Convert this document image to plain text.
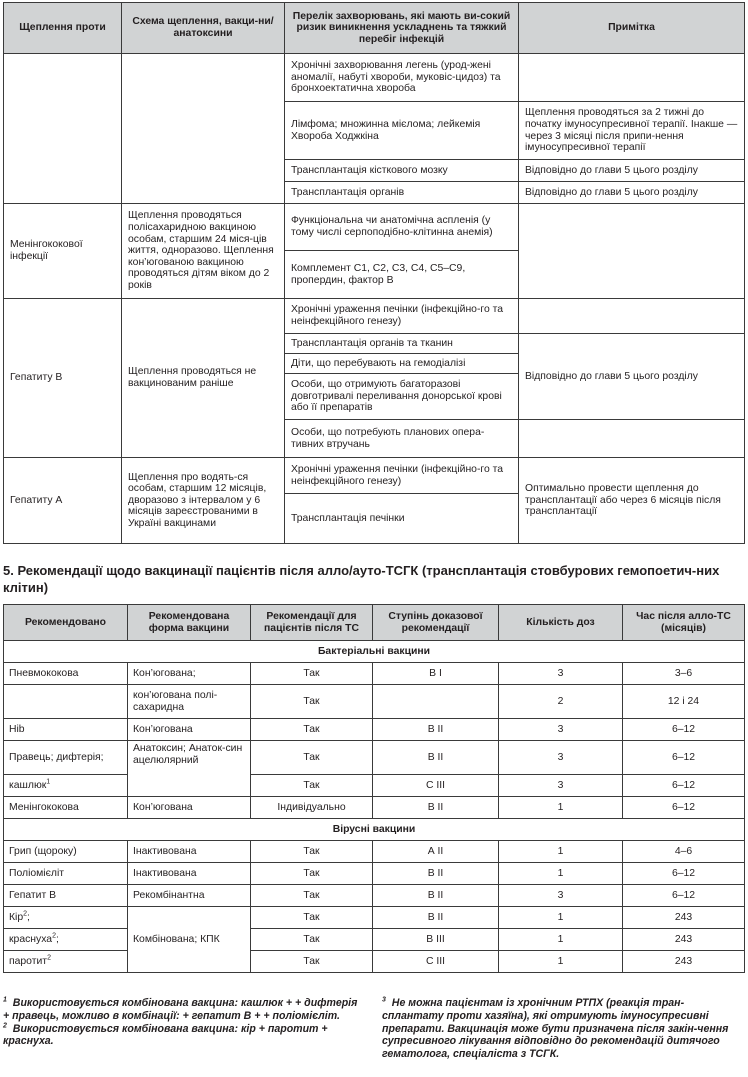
Щеплення проти	Схема щеплення, вакци-ни/анатоксини	Перелік захворювань, які мають ви-сокий ризик виникнення ускладнень та тяжкий перебіг інфекцій	Примітка
		Хронічні захворювання легень (урод-жені аномалії, набуті хвороби, муковіс-цидоз) та бронхоектатична хвороба	
		Лімфома; множинна мієлома; лейкемія Хвороба Ходжкіна	Щеплення проводяться за 2 тижні до початку імуносупресивної терапії. Інакше — через 3 місяці після припи-нення імуносупресивної терапії
		Трансплантація кісткового мозку	Відповідно до глави 5 цього розділу
		Трансплантація органів	Відповідно до глави 5 цього розділу
Менінгококової інфекції	Щеплення проводяться полісахаридною вакциною особам, старшим 24 міся-ців життя, одноразово. Щеплення кон’югованою вакциною проводяться дітям віком до 2 років	Функціональна чи анатомічна аспленія (у тому числі серпоподібно-клітинна анемія)	
		Комплемент С1, С2, С3, С4, С5–С9, пропердин, фактор В	
Гепатиту В	Щеплення проводяться не вакцинованим раніше	Хронічні ураження печінки (інфекційно-го та неінфекційного генезу)	
		Трансплантація органів та тканин	Відповідно до глави 5 цього розділу
		Діти, що перебувають на гемодіалізі	
		Особи, що отримують багаторазові довготривалі переливання донорської крові або її препаратів	
		Особи, що потребують планових опера-тивних втручань	
Гепатиту А	Щеплення про водять-ся особам, старшим 12 місяців, дворазово з інтервалом у 6 місяців зареєстрованими в Україні вакцинами	Хронічні ураження печінки (інфекційно-го та неінфекційного генезу)	Оптимально провести щеплення до трансплантації або через 6 місяців після трансплантації
		Трансплантація печінки	

5. Рекомендації щодо вакцинації пацієнтів після алло/ауто-ТСГК (трансплантація стовбурових гемопоетич-них клітин)

Рекомендовано	Рекомендована форма вакцини	Рекомендації для пацієнтів після ТС	Ступінь доказової рекомендації	Кількість доз	Час після алло-ТС (місяців)
Бактеріальні вакцини					
Пневмококова	Кон’югована;	Так	В І	3	3–6
	кон’югована полі-сахаридна	Так		2	12 і 24
Hib	Кон’югована	Так	В ІІ	3	6–12
Правець; дифтерія;	Анатоксин; Анаток-син ацелюлярний	Так	В ІІ	3	6–12
кашлюк$^1$		Так	С ІІІ	3	6–12
Менінгококова	Кон’югована	Індивідуально	В ІІ	1	6–12
Вірусні вакцини					
Грип (щороку)	Інактивована	Так	А ІІ	1	4–6
Поліомієліт	Інактивована	Так	В ІІ	1	6–12
Гепатит В	Рекомбінантна	Так	В ІІ	3	6–12
Кір$^2$;	Комбінована; КПК	Так	В ІІ	1	243
краснуха$^2$;		Так	В ІІІ	1	243
паротит$^2$		Так	С ІІІ	1	243
$^1$ Використовується комбінована вакцина: кашлюк + + дифтерія + правець, можливо в комбінації: + гепатит В + + поліомієліт.
$^2$ Використовується комбінована вакцина: кір + паротит + краснуха.
$^3$ Не можна пацієнтам із хронічним РТПХ (реакція тран-сплантату проти хазяїна), які отримують імуносупресивні препарати. Вакцинація може бути призначена після закін-чення супресивного лікування відповідно до рекомендацій дитячого гематолога, спеціаліста з ТСГК.
